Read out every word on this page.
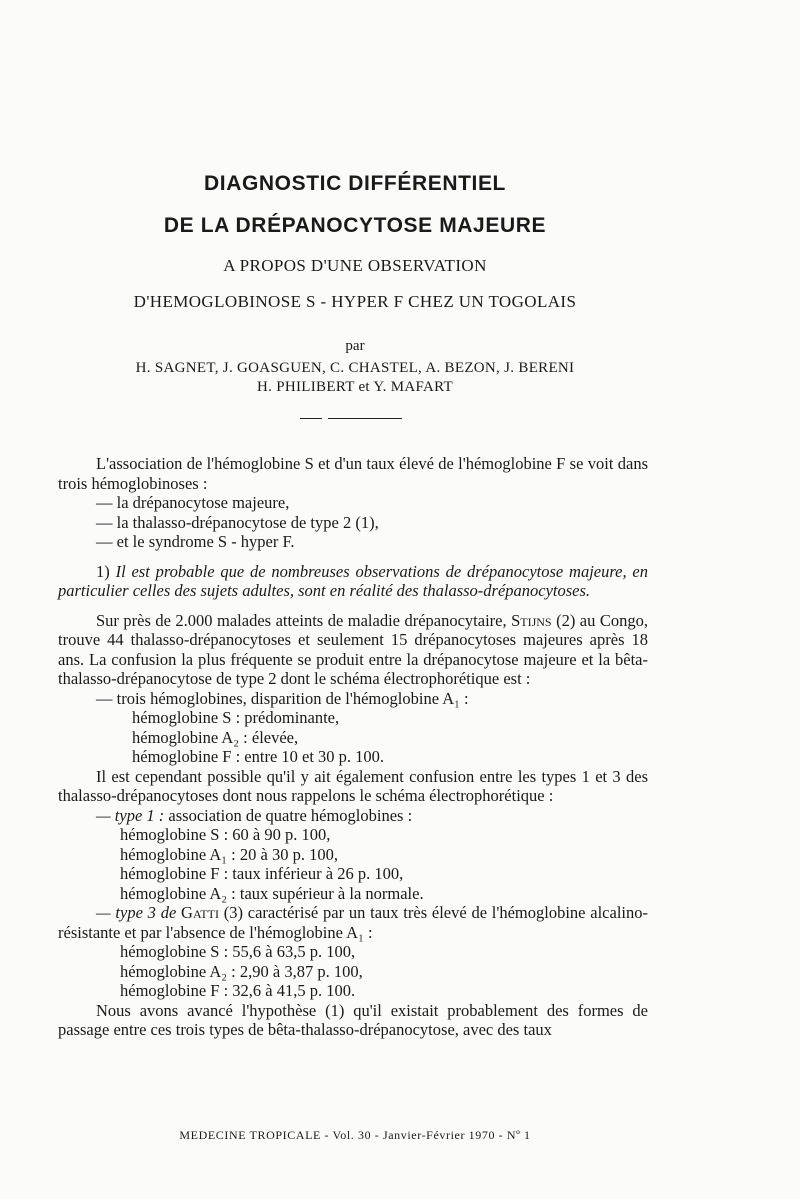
DIAGNOSTIC DIFFÉRENTIEL
DE LA DRÉPANOCYTOSE MAJEURE
A PROPOS D'UNE OBSERVATION
D'HEMOGLOBINOSE S - HYPER F CHEZ UN TOGOLAIS
par
H. SAGNET, J. GOASGUEN, C. CHASTEL, A. BEZON, J. BERENI
H. PHILIBERT et Y. MAFART

L'association de l'hémoglobine S et d'un taux élevé de l'hémoglobine F se voit dans trois hémoglobinoses :

— la drépanocytose majeure,

— la thalasso-drépanocytose de type 2 (1),

— et le syndrome S - hyper F.

1) Il est probable que de nombreuses observations de drépanocytose majeure, en particulier celles des sujets adultes, sont en réalité des thalasso-drépanocytoses.

Sur près de 2.000 malades atteints de maladie drépanocytaire, Stijns (2) au Congo, trouve 44 thalasso-drépanocytoses et seulement 15 drépanocytoses majeures après 18 ans. La confusion la plus fréquente se produit entre la drépanocytose majeure et la bêta-thalasso-drépanocytose de type 2 dont le schéma électrophorétique est :

— trois hémoglobines, disparition de l'hémoglobine A₁ :

hémoglobine S : prédominante,

hémoglobine A₂ : élevée,

hémoglobine F : entre 10 et 30 p. 100.

Il est cependant possible qu'il y ait également confusion entre les types 1 et 3 des thalasso-drépanocytoses dont nous rappelons le schéma électrophorétique :

— type 1 : association de quatre hémoglobines :

hémoglobine S : 60 à 90 p. 100,

hémoglobine A₁ : 20 à 30 p. 100,

hémoglobine F : taux inférieur à 26 p. 100,

hémoglobine A₂ : taux supérieur à la normale.

— type 3 de Gatti (3) caractérisé par un taux très élevé de l'hémoglobine alcalino-résistante et par l'absence de l'hémoglobine A₁ :

hémoglobine S : 55,6 à 63,5 p. 100,

hémoglobine A₂ : 2,90 à 3,87 p. 100,

hémoglobine F : 32,6 à 41,5 p. 100.

Nous avons avancé l'hypothèse (1) qu'il existait probablement des formes de passage entre ces trois types de bêta-thalasso-drépanocytose, avec des taux

MEDECINE TROPICALE - Vol. 30 - Janvier-Février 1970 - Nº 1
